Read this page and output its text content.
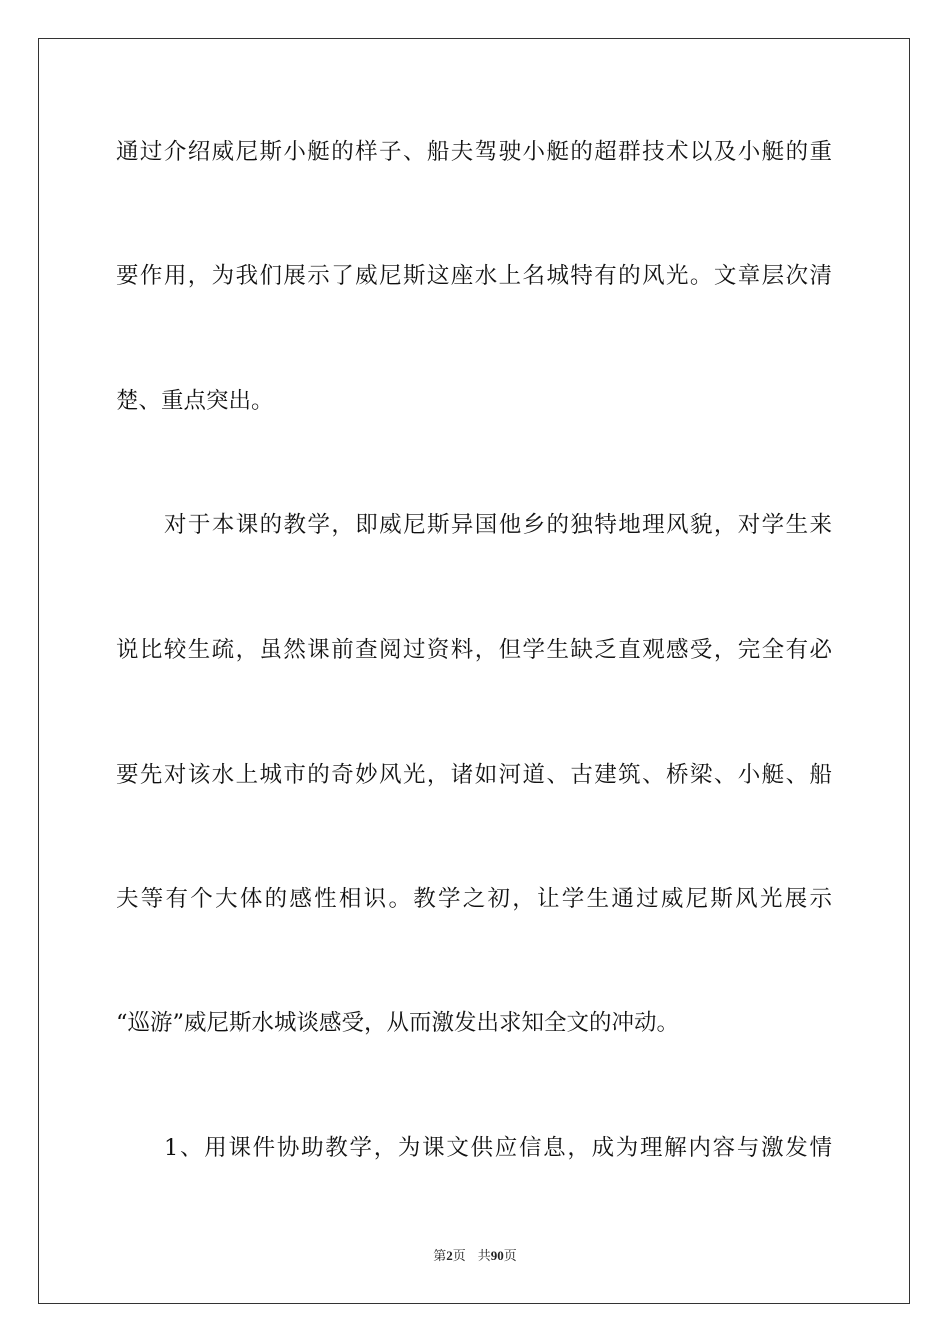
通过介绍威尼斯小艇的样子、船夫驾驶小艇的超群技术以及小艇的重
要作用，为我们展示了威尼斯这座水上名城特有的风光。文章层次清
楚、重点突出。
对于本课的教学，即威尼斯异国他乡的独特地理风貌，对学生来
说比较生疏，虽然课前查阅过资料，但学生缺乏直观感受，完全有必
要先对该水上城市的奇妙风光，诸如河道、古建筑、桥梁、小艇、船
夫等有个大体的感性相识。教学之初，让学生通过威尼斯风光展示
“巡游”威尼斯水城谈感受，从而激发出求知全文的冲动。
1、用课件协助教学，为课文供应信息，成为理解内容与激发情
第2页 共90页
